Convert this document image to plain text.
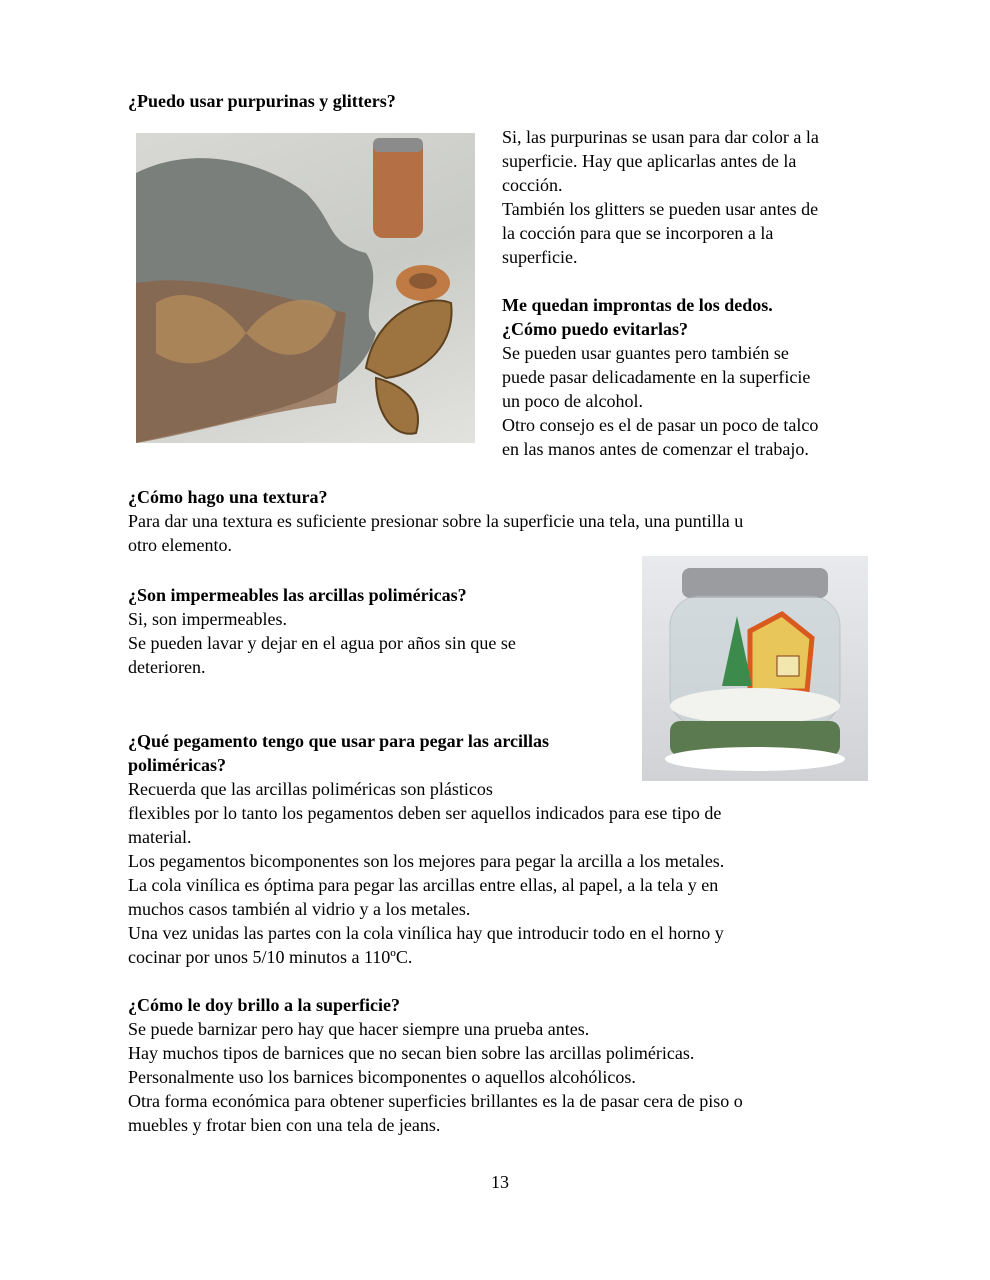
¿Puedo usar purpurinas y glitters?

Si, las purpurinas se usan para dar color a la

superficie. Hay que aplicarlas antes de la

cocción.

También los glitters se pueden usar antes de

la cocción para que se incorporen a la

superficie.

Me quedan improntas de los dedos.

¿Cómo puedo evitarlas?

Se pueden usar guantes pero también se

puede pasar delicadamente en la superficie

un poco de alcohol.

Otro consejo es el de pasar un poco de talco

en las manos antes de comenzar el trabajo.

¿Cómo hago una textura?

Para dar una textura es suficiente presionar sobre la superficie una tela, una puntilla u

otro elemento.

¿Son impermeables las arcillas poliméricas?

Si, son impermeables.

Se pueden lavar y dejar en el agua por años sin que se

deterioren.

¿Qué pegamento tengo que usar para pegar las arcillas

poliméricas?

Recuerda que las arcillas poliméricas son plásticos

flexibles por lo tanto los pegamentos deben ser aquellos indicados para ese tipo de

material.

Los pegamentos bicomponentes son los mejores para pegar la arcilla a los metales.

La cola vinílica es óptima para pegar las arcillas entre ellas, al papel, a la tela y en

muchos casos también al vidrio y a los metales.

Una vez unidas las partes con la cola vinílica hay que introducir todo en el horno y

cocinar por unos 5/10 minutos a 110ºC.

¿Cómo le doy brillo a la superficie?

Se puede barnizar pero hay que hacer siempre una prueba antes.

Hay muchos tipos de barnices que no secan bien sobre las arcillas poliméricas.

Personalmente uso los barnices bicomponentes o aquellos alcohólicos.

Otra forma económica para obtener superficies brillantes es la de pasar cera de piso o

muebles y frotar bien con una tela de jeans.

13
